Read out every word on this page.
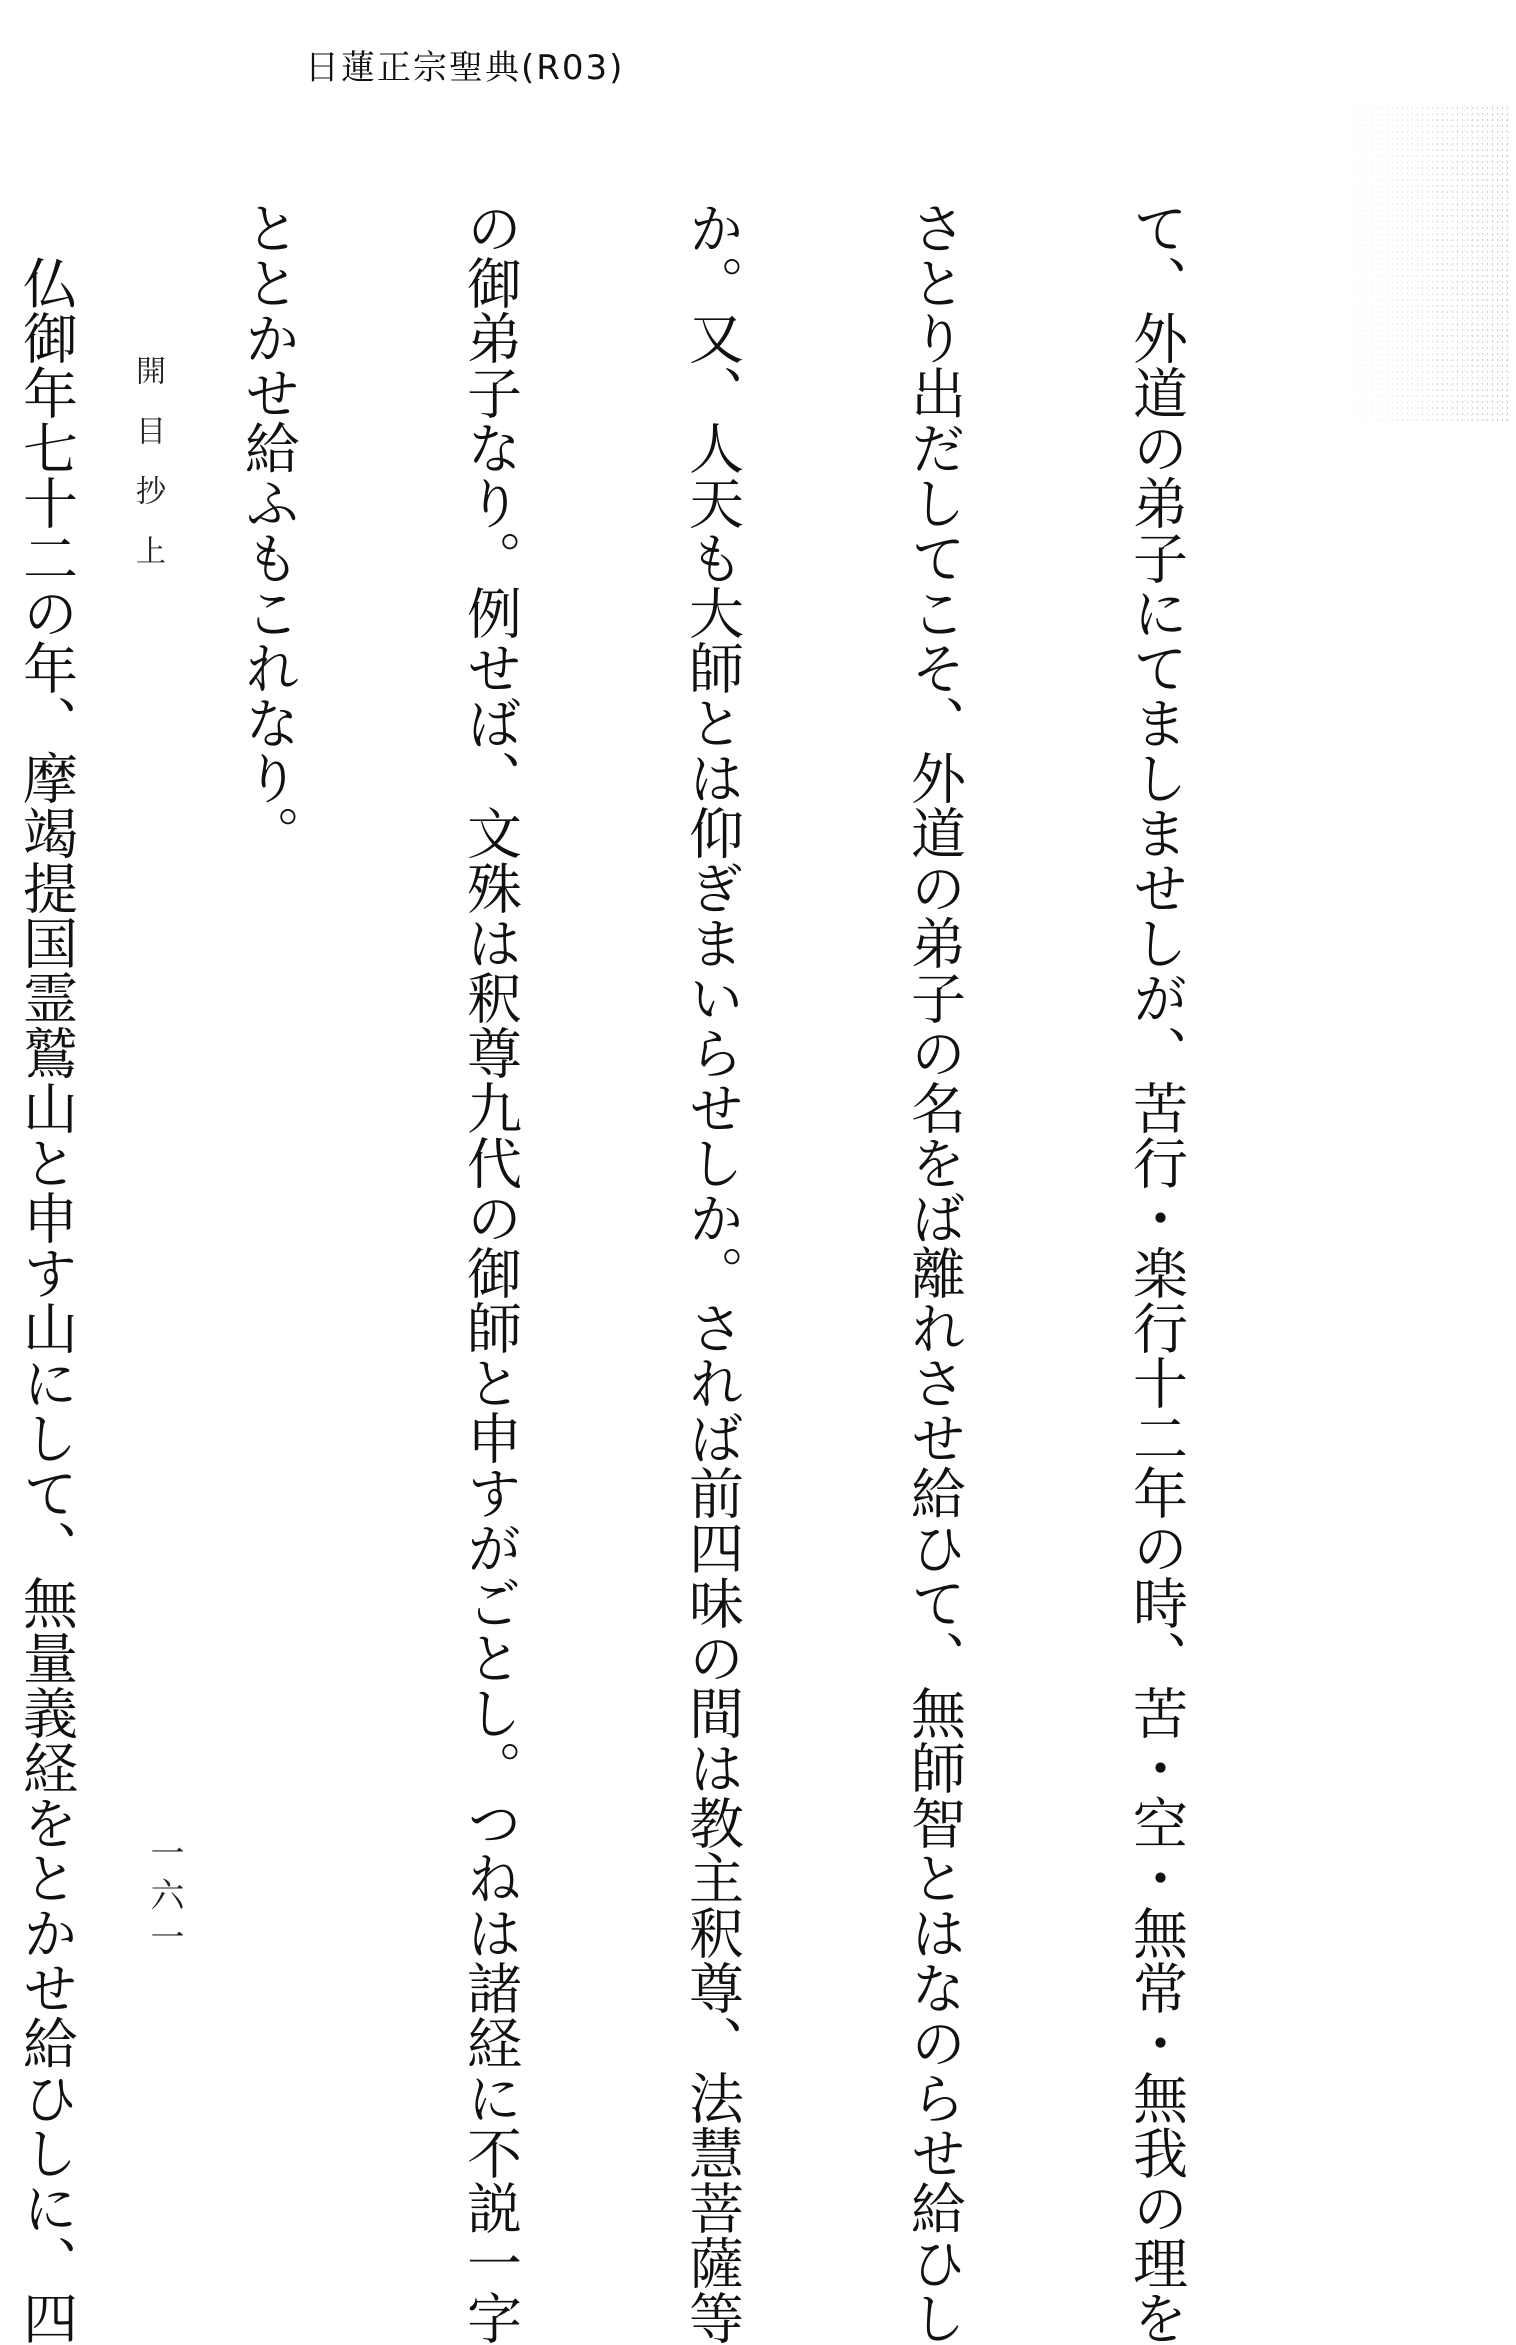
日蓮正宗聖典(R03)

て、外道の弟子にてましませしが、苦行・楽行十二年の時、苦・空・無常・無我の理を

さとり出だしてこそ、外道の弟子の名をば離れさせ給ひて、無師智とはなのらせ給ひし

か。又、人天も大師とは仰ぎまいらせしか。されば前四味の間は教主釈尊、法慧菩薩等

の御弟子なり。例せば、文殊は釈尊九代の御師と申すがごとし。つねは諸経に不説一字

ととかせ給ふもこれなり。

　仏御年七十二の年、摩竭提国霊鷲山と申す山にして、無量義経をとかせ給ひしに、四

開目抄上
一六一
